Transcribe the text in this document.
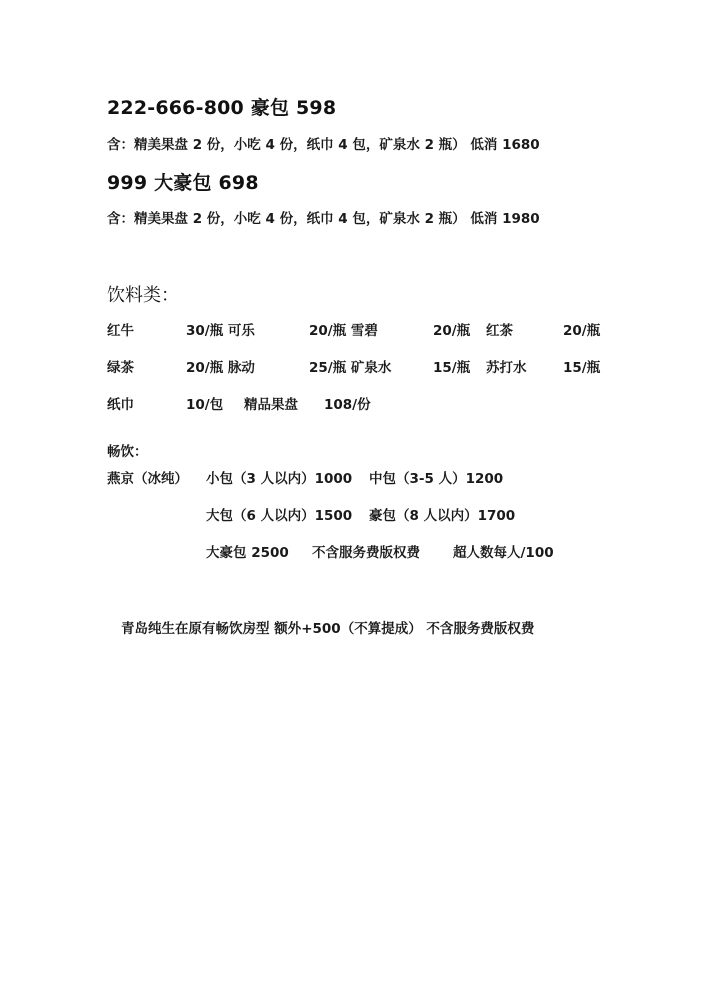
222-666-800 豪包 598
含：精美果盘 2 份，小吃 4 份，纸巾 4 包，矿泉水 2 瓶） 低消 1680
999 大豪包 698
含：精美果盘 2 份，小吃 4 份，纸巾 4 包，矿泉水 2 瓶） 低消 1980
饮料类：
红牛	30/瓶 可乐	20/瓶 雪碧	20/瓶 红茶	20/瓶
绿茶	20/瓶 脉动	25/瓶 矿泉水	15/瓶 苏打水	15/瓶
纸巾	10/包 精品果盘 108/份
畅饮：
燕京（冰纯） 小包（3 人以内）1000 中包（3-5 人）1200
大包（6 人以内）1500 豪包（8 人以内）1700
大豪包 2500 不含服务费版权费 超人数每人/100
青岛纯生在原有畅饮房型 额外+500（不算提成） 不含服务费版权费
